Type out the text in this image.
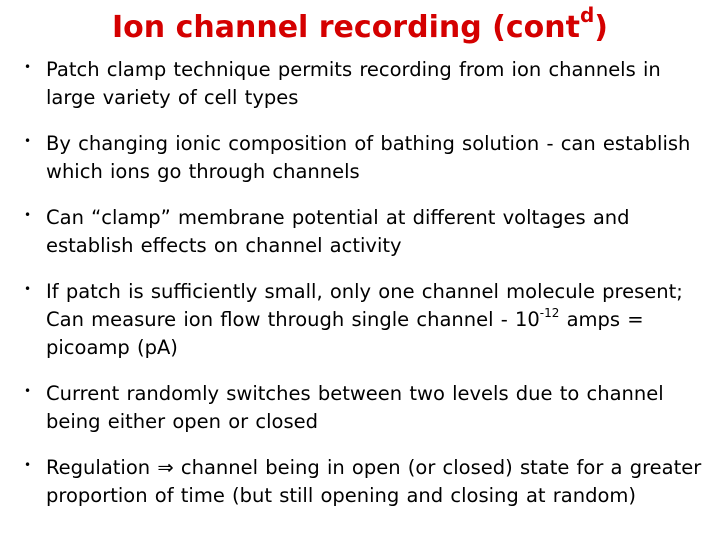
Ion channel recording (cont$^d$)
• Patch clamp technique permits recording from ion channels in large variety of cell types
• By changing ionic composition of bathing solution - can establish which ions go through channels
• Can “clamp” membrane potential at different voltages and establish effects on channel activity
• If patch is sufficiently small, only one channel molecule present; Can measure ion flow through single channel - $10^{-12}$ amps = picoamp (pA)
• Current randomly switches between two levels due to channel being either open or closed
• Regulation ⇒ channel being in open (or closed) state for a greater proportion of time (but still opening and closing at random)
